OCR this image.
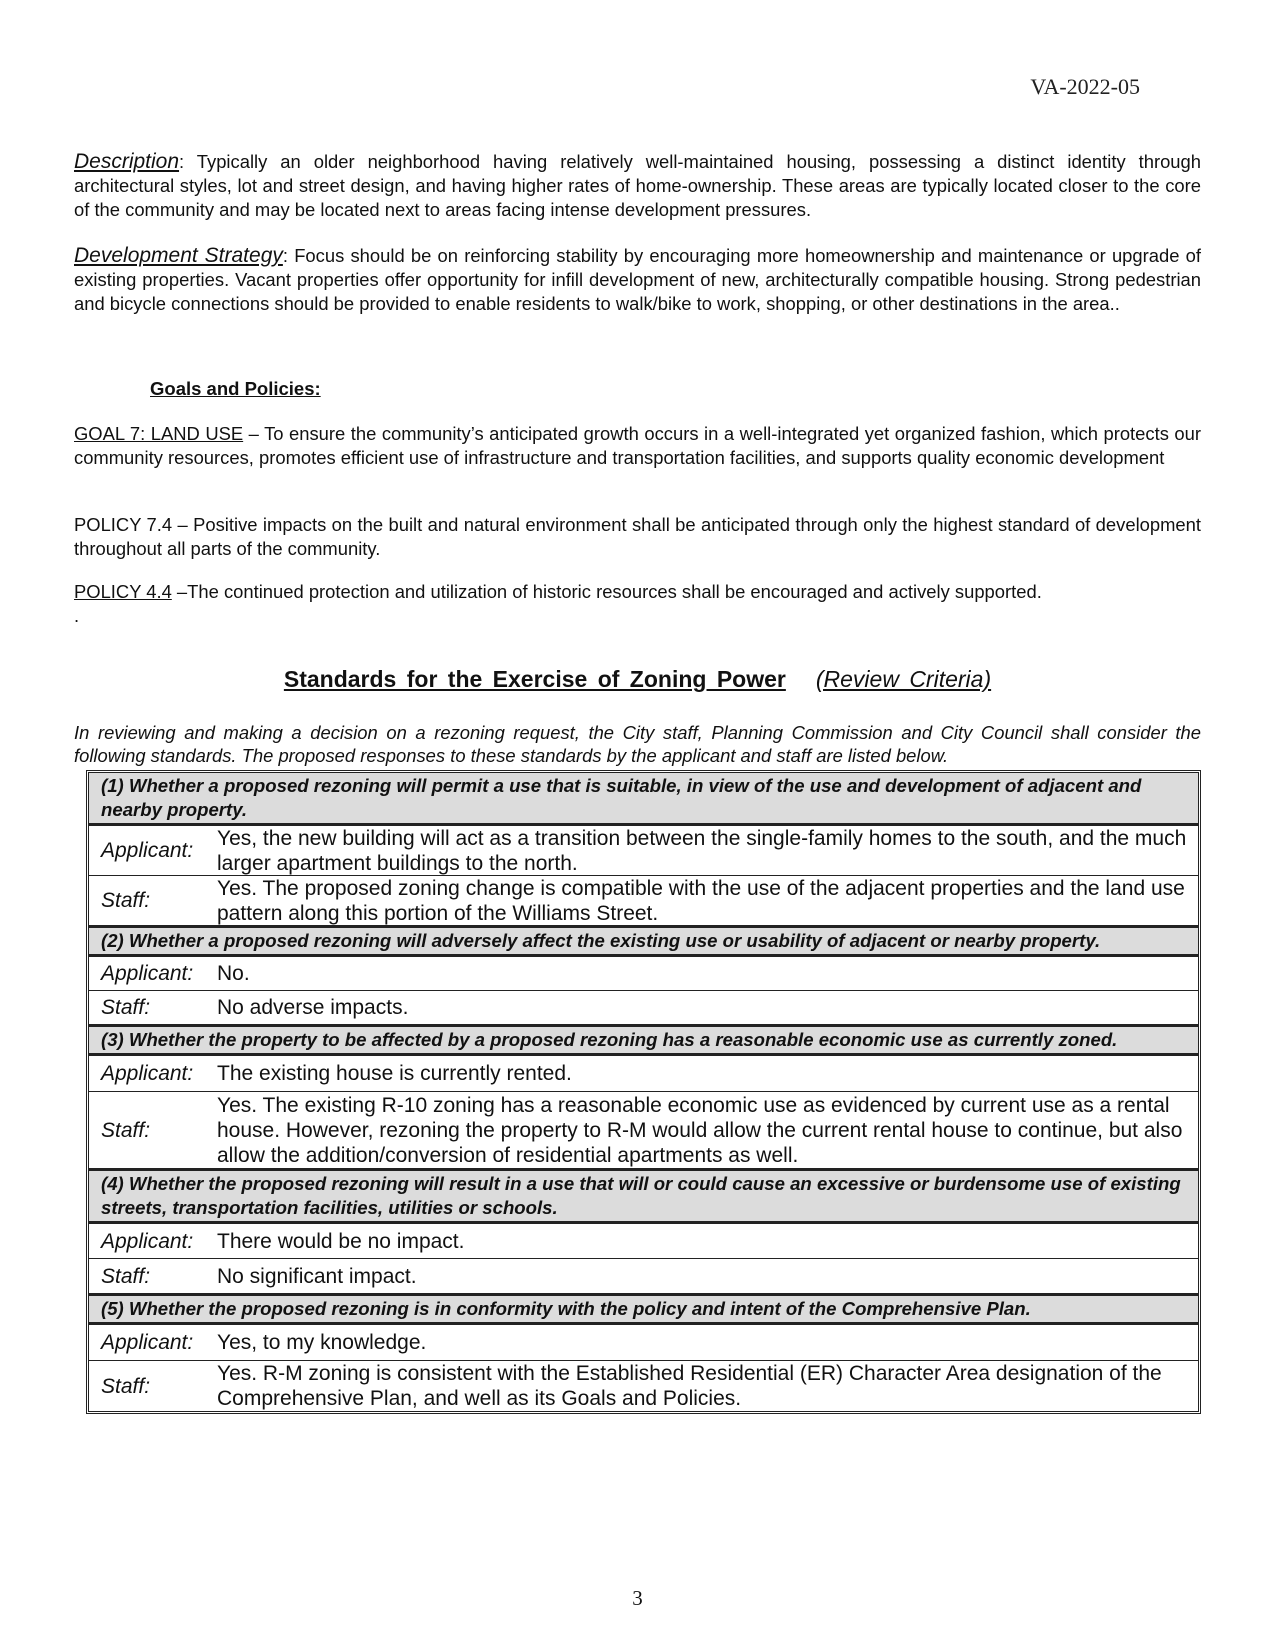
VA-2022-05
Description: Typically an older neighborhood having relatively well-maintained housing, possessing a distinct identity through architectural styles, lot and street design, and having higher rates of home-ownership. These areas are typically located closer to the core of the community and may be located next to areas facing intense development pressures.
Development Strategy: Focus should be on reinforcing stability by encouraging more homeownership and maintenance or upgrade of existing properties. Vacant properties offer opportunity for infill development of new, architecturally compatible housing. Strong pedestrian and bicycle connections should be provided to enable residents to walk/bike to work, shopping, or other destinations in the area..
Goals and Policies:
GOAL 7: LAND USE – To ensure the community’s anticipated growth occurs in a well-integrated yet organized fashion, which protects our community resources, promotes efficient use of infrastructure and transportation facilities, and supports quality economic development
POLICY 7.4 – Positive impacts on the built and natural environment shall be anticipated through only the highest standard of development throughout all parts of the community.
POLICY 4.4 –The continued protection and utilization of historic resources shall be encouraged and actively supported.
.
Standards for the Exercise of Zoning Power (Review Criteria)
In reviewing and making a decision on a rezoning request, the City staff, Planning Commission and City Council shall consider the following standards. The proposed responses to these standards by the applicant and staff are listed below.
(1) Whether a proposed rezoning will permit a use that is suitable, in view of the use and development of adjacent and nearby property.
Applicant:
Yes, the new building will act as a transition between the single-family homes to the south, and the much larger apartment buildings to the north.
Staff:
Yes. The proposed zoning change is compatible with the use of the adjacent properties and the land use pattern along this portion of the Williams Street.
(2) Whether a proposed rezoning will adversely affect the existing use or usability of adjacent or nearby property.
Applicant:	No.
Staff:	No adverse impacts.
(3) Whether the property to be affected by a proposed rezoning has a reasonable economic use as currently zoned.
Applicant:	The existing house is currently rented.
Staff:
Yes. The existing R-10 zoning has a reasonable economic use as evidenced by current use as a rental house. However, rezoning the property to R-M would allow the current rental house to continue, but also allow the addition/conversion of residential apartments as well.
(4) Whether the proposed rezoning will result in a use that will or could cause an excessive or burdensome use of existing streets, transportation facilities, utilities or schools.
Applicant:	There would be no impact.
Staff:	No significant impact.
(5) Whether the proposed rezoning is in conformity with the policy and intent of the Comprehensive Plan.
Applicant:	Yes, to my knowledge.
Staff:
Yes. R-M zoning is consistent with the Established Residential (ER) Character Area designation of the Comprehensive Plan, and well as its Goals and Policies.
3
